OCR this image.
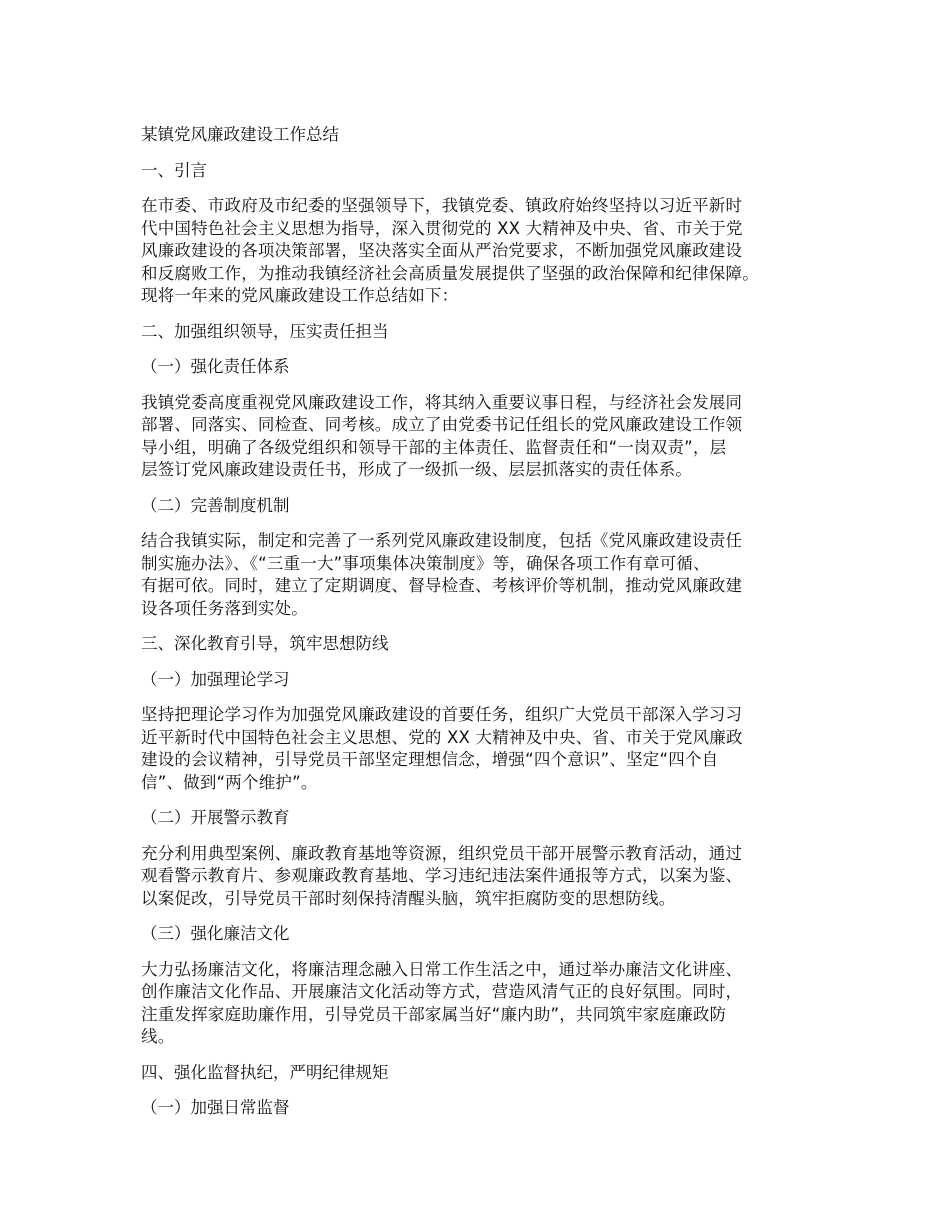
某镇党风廉政建设工作总结

一、引言

在市委、市政府及市纪委的坚强领导下，我镇党委、镇政府始终坚持以习近平新时

代中国特色社会主义思想为指导，深入贯彻党的 XX 大精神及中央、省、市关于党

风廉政建设的各项决策部署，坚决落实全面从严治党要求，不断加强党风廉政建设

和反腐败工作，为推动我镇经济社会高质量发展提供了坚强的政治保障和纪律保障。

现将一年来的党风廉政建设工作总结如下：

二、加强组织领导，压实责任担当

（一）强化责任体系

我镇党委高度重视党风廉政建设工作，将其纳入重要议事日程，与经济社会发展同

部署、同落实、同检查、同考核。成立了由党委书记任组长的党风廉政建设工作领

导小组，明确了各级党组织和领导干部的主体责任、监督责任和“一岗双责”，层

层签订党风廉政建设责任书，形成了一级抓一级、层层抓落实的责任体系。

（二）完善制度机制

结合我镇实际，制定和完善了一系列党风廉政建设制度，包括《党风廉政建设责任

制实施办法》、《“三重一大”事项集体决策制度》等，确保各项工作有章可循、

有据可依。同时，建立了定期调度、督导检查、考核评价等机制，推动党风廉政建

设各项任务落到实处。

三、深化教育引导，筑牢思想防线

（一）加强理论学习

坚持把理论学习作为加强党风廉政建设的首要任务，组织广大党员干部深入学习习

近平新时代中国特色社会主义思想、党的 XX 大精神及中央、省、市关于党风廉政

建设的会议精神，引导党员干部坚定理想信念，增强“四个意识”、坚定“四个自

信”、做到“两个维护”。

（二）开展警示教育

充分利用典型案例、廉政教育基地等资源，组织党员干部开展警示教育活动，通过

观看警示教育片、参观廉政教育基地、学习违纪违法案件通报等方式，以案为鉴、

以案促改，引导党员干部时刻保持清醒头脑，筑牢拒腐防变的思想防线。

（三）强化廉洁文化

大力弘扬廉洁文化，将廉洁理念融入日常工作生活之中，通过举办廉洁文化讲座、

创作廉洁文化作品、开展廉洁文化活动等方式，营造风清气正的良好氛围。同时，

注重发挥家庭助廉作用，引导党员干部家属当好“廉内助”，共同筑牢家庭廉政防

线。

四、强化监督执纪，严明纪律规矩

（一）加强日常监督
